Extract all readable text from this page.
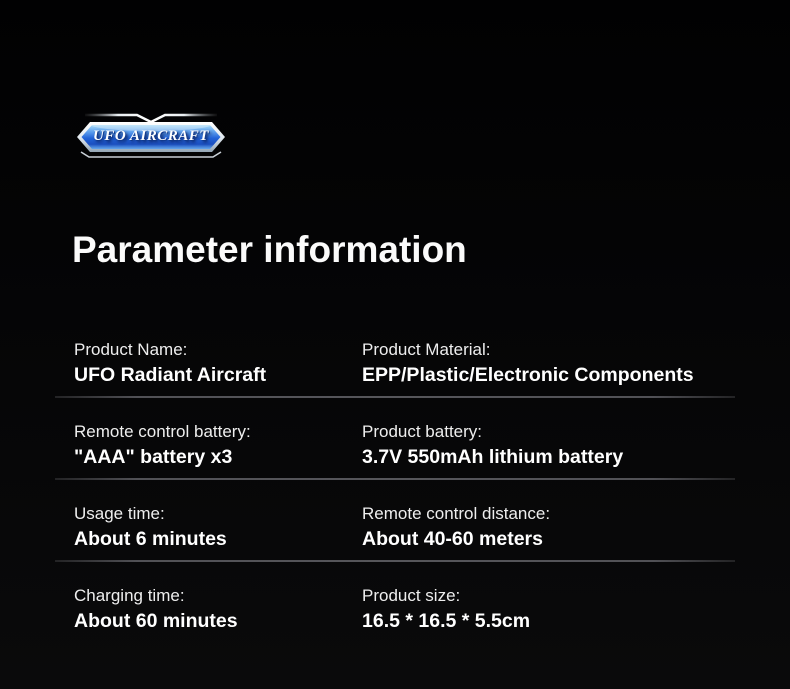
UFO AIRCRAFT
Parameter information
Product Name:
UFO Radiant Aircraft
Product Material:
EPP/Plastic/Electronic Components
Remote control battery:
"AAA" battery x3
Product battery:
3.7V 550mAh lithium battery
Usage time:
About 6 minutes
Remote control distance:
About 40-60 meters
Charging time:
About 60 minutes
Product size:
16.5 * 16.5 * 5.5cm
